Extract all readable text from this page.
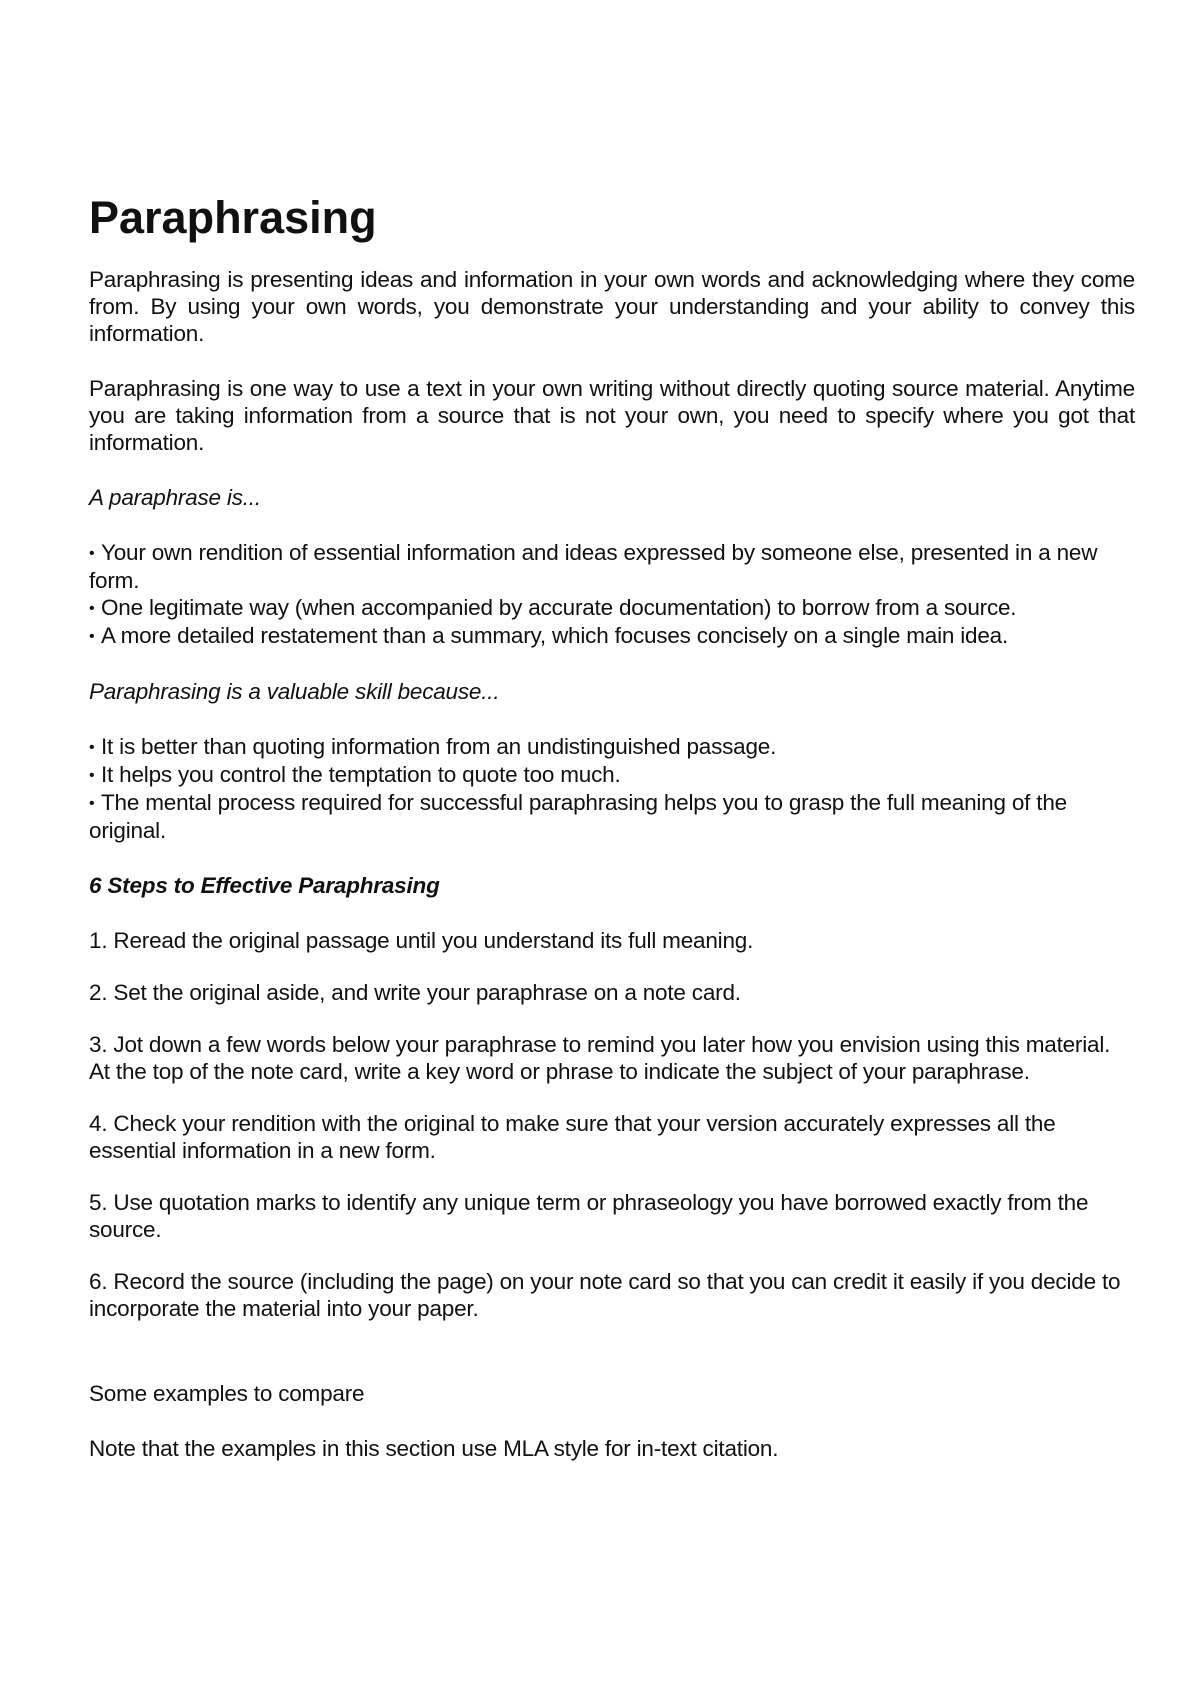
Paraphrasing

Paraphrasing is presenting ideas and information in your own words and acknowledging where they come from. By using your own words, you demonstrate your understanding and your ability to convey this information.

Paraphrasing is one way to use a text in your own writing without directly quoting source material. Anytime you are taking information from a source that is not your own, you need to specify where you got that information.

A paraphrase is...

• Your own rendition of essential information and ideas expressed by someone else, presented in a new form.
• One legitimate way (when accompanied by accurate documentation) to borrow from a source.
• A more detailed restatement than a summary, which focuses concisely on a single main idea.

Paraphrasing is a valuable skill because...

• It is better than quoting information from an undistinguished passage.
• It helps you control the temptation to quote too much.
• The mental process required for successful paraphrasing helps you to grasp the full meaning of the original.

6 Steps to Effective Paraphrasing

1. Reread the original passage until you understand its full meaning.

2. Set the original aside, and write your paraphrase on a note card.

3. Jot down a few words below your paraphrase to remind you later how you envision using this material. At the top of the note card, write a key word or phrase to indicate the subject of your paraphrase.

4. Check your rendition with the original to make sure that your version accurately expresses all the essential information in a new form.

5. Use quotation marks to identify any unique term or phraseology you have borrowed exactly from the source.

6. Record the source (including the page) on your note card so that you can credit it easily if you decide to incorporate the material into your paper.

Some examples to compare

Note that the examples in this section use MLA style for in-text citation.
